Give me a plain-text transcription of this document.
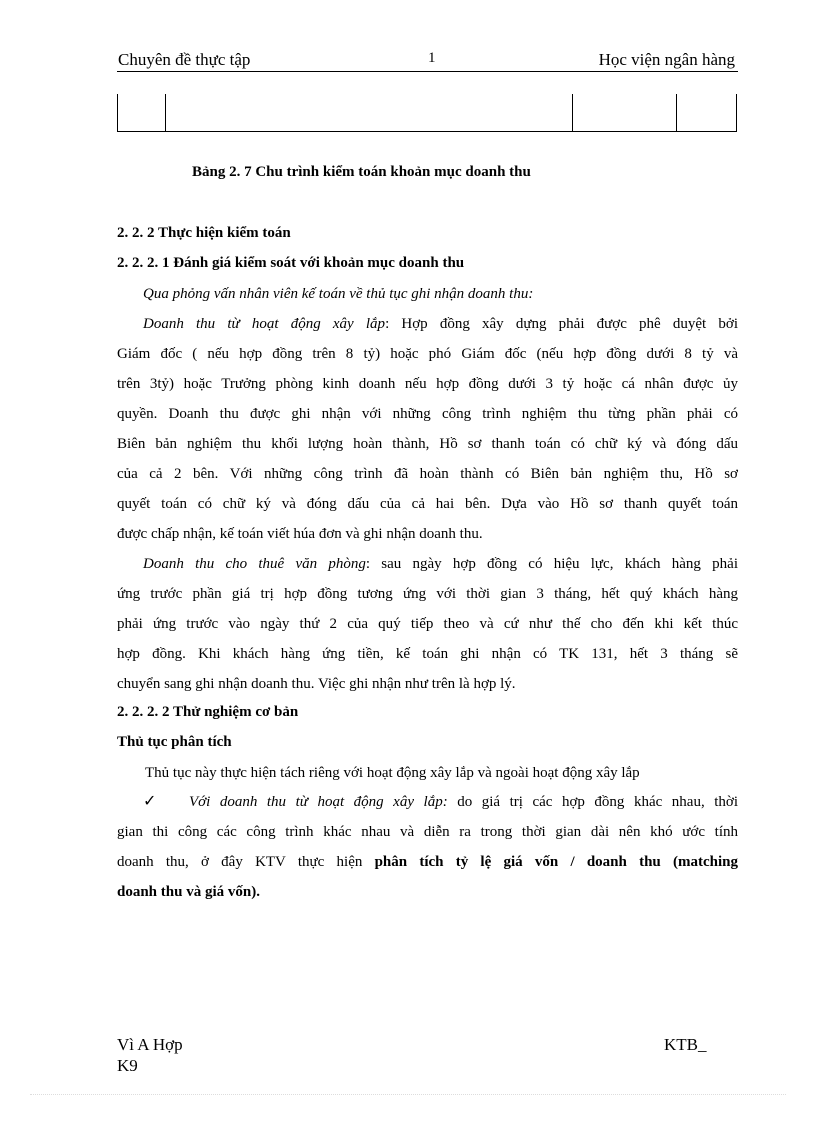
Chuyên đề thực tập	1	Học viện ngân hàng
Bảng 2. 7 Chu trình kiểm toán khoản mục doanh thu
2. 2. 2 Thực hiện kiểm toán
2. 2. 2. 1 Đánh giá kiểm soát với khoản mục doanh thu
Qua phỏng vấn nhân viên kế toán về thủ tục ghi nhận doanh thu:
Doanh thu từ hoạt động xây lắp: Hợp đồng xây dựng phải được phê duyệt bởi
Giám đốc ( nếu hợp đồng trên 8 tỷ) hoặc phó Giám đốc (nếu hợp đồng dưới 8 tỷ và
trên 3tỷ) hoặc Trưởng phòng kinh doanh nếu hợp đồng dưới 3 tỷ hoặc cá nhân được ủy
quyền. Doanh thu được ghi nhận với những công trình nghiệm thu từng phần phải có
Biên bản nghiệm thu khối lượng hoàn thành, Hồ sơ thanh toán có chữ ký và đóng dấu
của cả 2 bên. Với những công trình đã hoàn thành có Biên bản nghiệm thu, Hồ sơ
quyết toán có chữ ký và đóng dấu của cả hai bên. Dựa vào Hồ sơ thanh quyết toán
được chấp nhận, kế toán viết húa đơn và ghi nhận doanh thu.
Doanh thu cho thuê văn phòng: sau ngày hợp đồng có hiệu lực, khách hàng phải
ứng trước phần giá trị hợp đồng tương ứng với thời gian 3 tháng, hết quý khách hàng
phải ứng trước vào ngày thứ 2 của quý tiếp theo và cứ như thế cho đến khi kết thúc
hợp đồng. Khi khách hàng ứng tiền, kế toán ghi nhận có TK 131, hết 3 tháng sẽ
chuyển sang ghi nhận doanh thu. Việc ghi nhận như trên là hợp lý.
2. 2. 2. 2 Thử nghiệm cơ bản
Thủ tục phân tích
Thủ tục này thực hiện tách riêng với hoạt động xây lắp và ngoài hoạt động xây lắp
✓ Với doanh thu từ hoạt động xây lắp: do giá trị các hợp đồng khác nhau, thời
gian thi công các công trình khác nhau và diễn ra trong thời gian dài nên khó ước tính
doanh thu, ở đây KTV thực hiện phân tích tỷ lệ giá vốn / doanh thu (matching
doanh thu và giá vốn).
Vì A Hợp	KTB_
K9
